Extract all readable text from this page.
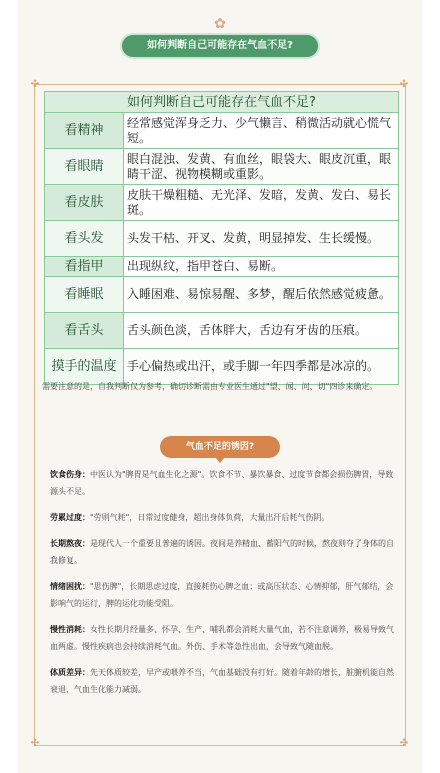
✿
如何判断自己可能存在气血不足?
✣	✣
✣	✣
如何判断自己可能存在气血不足?	
看精神	经常感觉浑身乏力、少气懒言、稍微活动就心慌气短。
看眼睛	眼白混浊、发黄、有血丝，眼袋大、眼皮沉重，眼睛干涩、视物模糊或重影。
看皮肤	皮肤干燥粗糙、无光泽、发暗，发黄、发白、易长斑。
看头发	头发干枯、开叉、发黄，明显掉发、生长缓慢。
看指甲	出现纵纹，指甲苍白、易断。
看睡眠	入睡困难、易惊易醒、多梦，醒后依然感觉疲惫。
看舌头	舌头颜色淡，舌体胖大，舌边有牙齿的压痕。
摸手的温度	手心偏热或出汗，或手脚一年四季都是冰凉的。
需要注意的是，自我判断仅为参考，确切诊断需由专业医生通过"望、闻、问、切"四诊来确定。
气血不足的诱因?
饮食伤身：中医认为"脾胃是气血生化之源"。饮食不节、暴饮暴食、过度节食都会损伤脾胃，导致源头不足。
劳累过度："劳则气耗"，日常过度健身，超出身体负荷，大量出汗后耗气伤阴。
长期熬夜：是现代人一个重要且普遍的诱因。夜间是养精血、蓄阳气的时候，熬夜则夺了身体的自我修复。
情绪困扰："思伤脾"，长期思虑过度，直接耗伤心脾之血；或高压状态、心情抑郁，肝气郁结，会影响气的运行，脾的运化功能受阻。
慢性消耗：女性长期月经量多、怀孕、生产、哺乳都会消耗大量气血，若不注意调养，极易导致气血两虚。慢性疾病也会持续消耗气血。外伤、手术等急性出血，会导致气随血脱。
体质差异：先天体质较差，早产或喂养不当，气血基础没有打好。随着年龄的增长，脏腑机能自然衰退，气血生化能力减弱。
